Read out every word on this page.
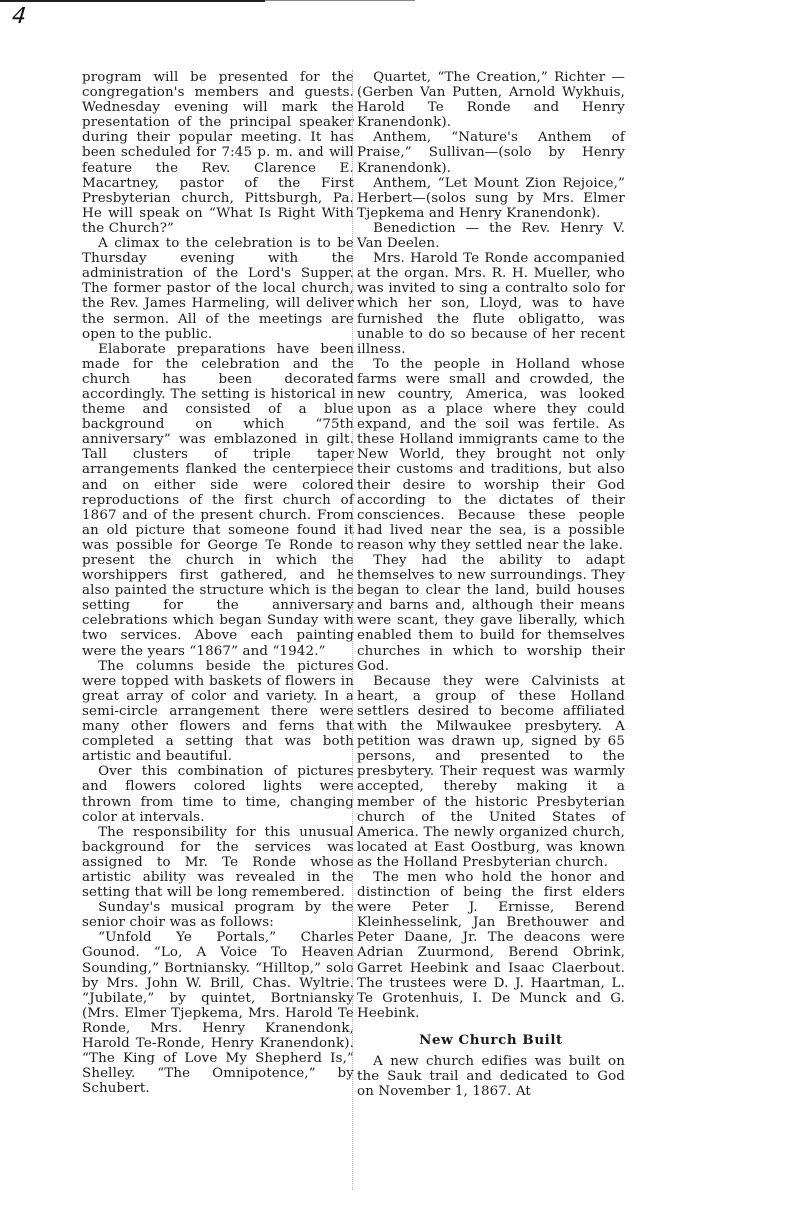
4

program will be presented for the congregation's members and guests. Wednesday evening will mark the presentation of the principal speaker during their popular meeting. It has been scheduled for 7:45 p. m. and will feature the Rev. Clarence E. Macartney, pastor of the First Presbyterian church, Pittsburgh, Pa. He will speak on “What Is Right With the Church?”

A climax to the celebration is to be Thursday evening with the administration of the Lord's Supper. The former pastor of the local church, the Rev. James Harmeling, will deliver the sermon. All of the meetings are open to the public.

Elaborate preparations have been made for the celebration and the church has been decorated accordingly. The setting is historical in theme and consisted of a blue background on which “75th anniversary” was emblazoned in gilt. Tall clusters of triple taper arrangements flanked the centerpiece and on either side were colored reproductions of the first church of 1867 and of the present church. From an old picture that someone found it was possible for George Te Ronde to present the church in which the worshippers first gathered, and he also painted the structure which is the setting for the anniversary celebrations which began Sunday with two services. Above each painting were the years “1867” and “1942.”

The columns beside the pictures were topped with baskets of flowers in great array of color and variety. In a semi-circle arrangement there were many other flowers and ferns that completed a setting that was both artistic and beautiful.

Over this combination of pictures and flowers colored lights were thrown from time to time, changing color at intervals.

The responsibility for this unusual background for the services was assigned to Mr. Te Ronde whose artistic ability was revealed in the setting that will be long remembered.

Sunday's musical program by the senior choir was as follows:

“Unfold Ye Portals,” Charles Gounod. “Lo, A Voice To Heaven Sounding,” Bortniansky. “Hilltop,” solo by Mrs. John W. Brill, Chas. Wyltrie. “Jubilate,” by quintet, Bortniansky (Mrs. Elmer Tjepkema, Mrs. Harold Te Ronde, Mrs. Henry Kranendonk, Harold Te-Ronde, Henry Kranendonk). “The King of Love My Shepherd Is,” Shelley. “The Omnipotence,” by Schubert.

Quartet, “The Creation,” Richter — (Gerben Van Putten, Arnold Wykhuis, Harold Te Ronde and Henry Kranendonk).

Anthem, “Nature's Anthem of Praise,” Sullivan—(solo by Henry Kranendonk).

Anthem, “Let Mount Zion Rejoice,” Herbert—(solos sung by Mrs. Elmer Tjepkema and Henry Kranendonk).

Benediction — the Rev. Henry V. Van Deelen.

Mrs. Harold Te Ronde accompanied at the organ. Mrs. R. H. Mueller, who was invited to sing a contralto solo for which her son, Lloyd, was to have furnished the flute obligatto, was unable to do so because of her recent illness.

To the people in Holland whose farms were small and crowded, the new country, America, was looked upon as a place where they could expand, and the soil was fertile. As these Holland immigrants came to the New World, they brought not only their customs and traditions, but also their desire to worship their God according to the dictates of their consciences. Because these people had lived near the sea, is a possible reason why they settled near the lake.

They had the ability to adapt themselves to new surroundings. They began to clear the land, build houses and barns and, although their means were scant, they gave liberally, which enabled them to build for themselves churches in which to worship their God.

Because they were Calvinists at heart, a group of these Holland settlers desired to become affiliated with the Milwaukee presbytery. A petition was drawn up, signed by 65 persons, and presented to the presbytery. Their request was warmly accepted, thereby making it a member of the historic Presbyterian church of the United States of America. The newly organized church, located at East Oostburg, was known as the Holland Presbyterian church.

The men who hold the honor and distinction of being the first elders were Peter J. Ernisse, Berend Kleinhesselink, Jan Brethouwer and Peter Daane, Jr. The deacons were Adrian Zuurmond, Berend Obrink, Garret Heebink and Isaac Claerbout. The trustees were D. J. Haartman, L. Te Grotenhuis, I. De Munck and G. Heebink.

New Church Built

A new church edifies was built on the Sauk trail and dedicated to God on November 1, 1867. At
